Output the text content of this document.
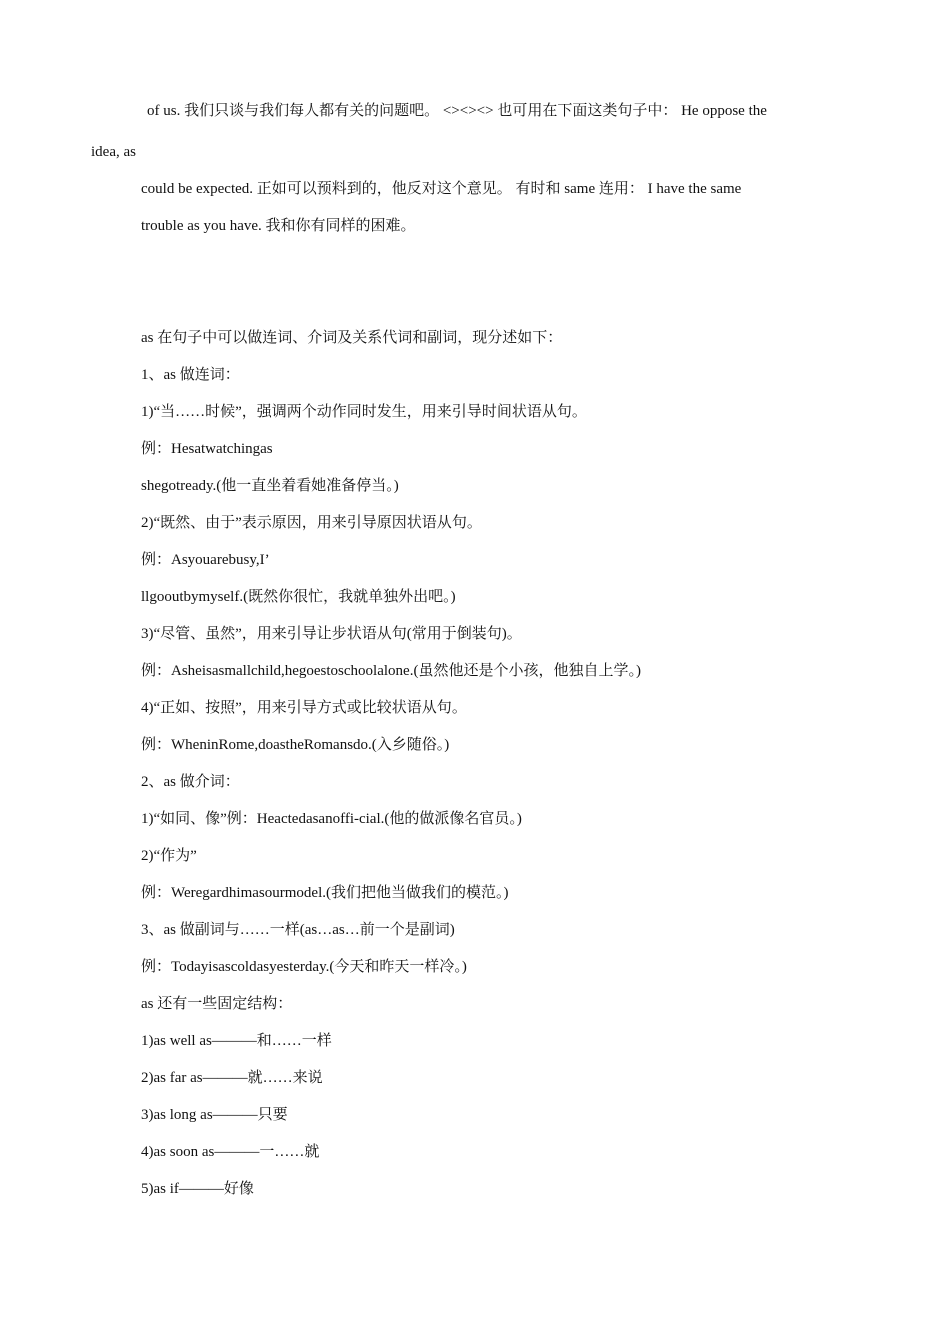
of us. 我们只谈与我们每人都有关的问题吧。 <><><> 也可用在下面这类句子中： He oppose the
idea, as
could be expected. 正如可以预料到的，他反对这个意见。 有时和 same 连用： I have the same
trouble as you have. 我和你有同样的困难。
as 在句子中可以做连词、介词及关系代词和副词，现分述如下：
1、as 做连词：
1)“当……时候”，强调两个动作同时发生，用来引导时间状语从句。
例：Hesatwatchingas
shegotready.(他一直坐着看她准备停当。)
2)“既然、由于”表示原因，用来引导原因状语从句。
例：Asyouarebusy,I’
llgooutbymyself.(既然你很忙，我就单独外出吧。)
3)“尽管、虽然”，用来引导让步状语从句(常用于倒装句)。
例：Asheisasmallchild,hegoestoschoolalone.(虽然他还是个小孩，他独自上学。)
4)“正如、按照”，用来引导方式或比较状语从句。
例：WheninRome,doastheRomansdo.(入乡随俗。)
2、as 做介词：
1)“如同、像”例：Heactedasanoffi-cial.(他的做派像名官员。)
2)“作为”
例：Weregardhimasourmodel.(我们把他当做我们的模范。)
3、as 做副词与……一样(as…as…前一个是副词)
例：Todayisascoldasyesterday.(今天和昨天一样冷。)
as 还有一些固定结构：
1)as well as———和……一样
2)as far as———就……来说
3)as long as———只要
4)as soon as———一……就
5)as if———好像
